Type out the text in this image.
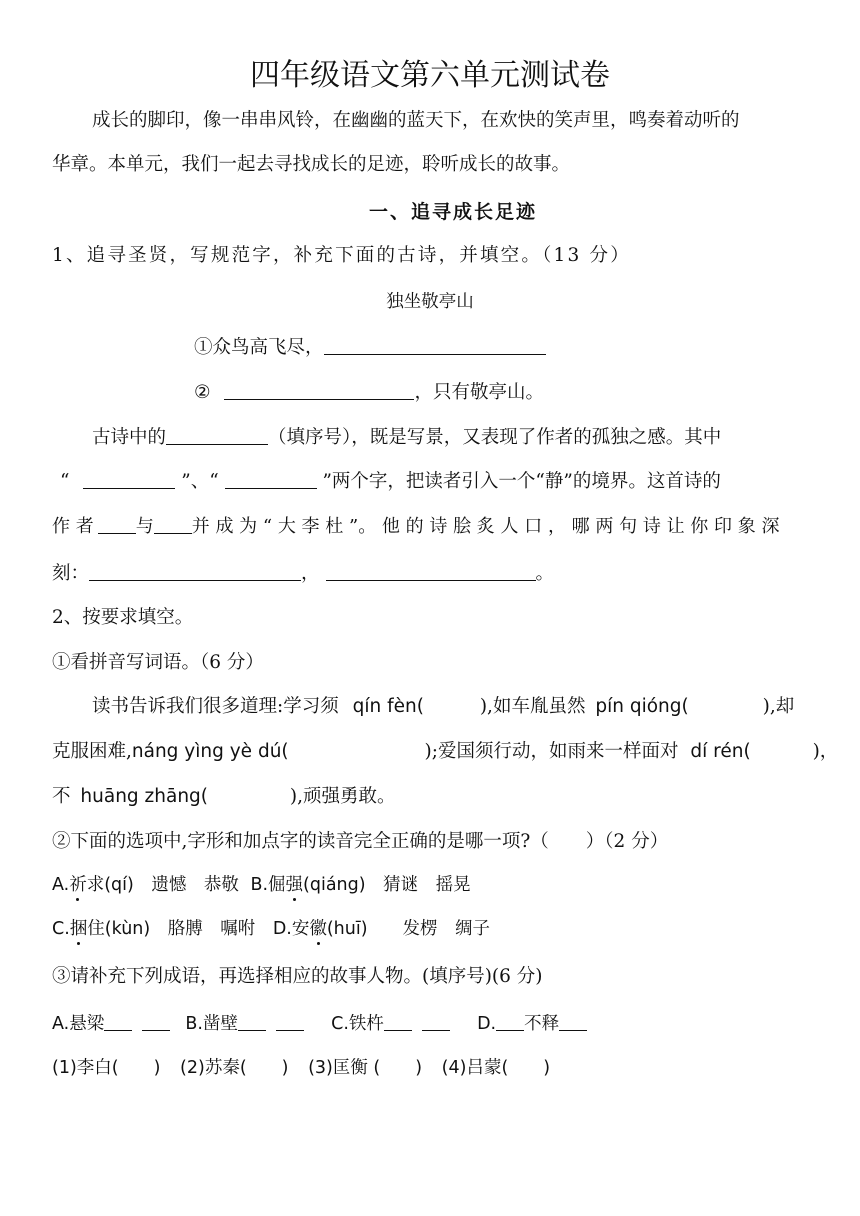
四年级语文第六单元测试卷
成长的脚印，像一串串风铃，在幽幽的蓝天下，在欢快的笑声里，鸣奏着动听的
华章。本单元，我们一起去寻找成长的足迹，聆听成长的故事。
一、追寻成长足迹
1、追寻圣贤，写规范字，补充下面的古诗，并填空。（13 分）
独坐敬亭山
①众鸟高飞尽，
②	，只有敬亭山。
古诗中的	（填序号），既是写景，又表现了作者的孤独之感。其中
“	”、“	”两个字，把读者引入一个“静”的境界。这首诗的
作 者 与 并 成 为 “ 大 李 杜 ”。 他 的 诗 脍 炙 人 口 ， 哪 两 句 诗 让 你 印 象 深
刻：	，	。
2、按要求填空。
①看拼音写词语。（6 分）
读书告诉我们很多道理:学习须 qín fèn(	),如车胤虽然 pín qióng(	),却
克服困难,náng yìng yè dú(	);爱国须行动，如雨来一样面对 dí rén(	)，
不 huāng zhāng(	),顽强勇敢。
②下面的选项中,字形和加点字的读音完全正确的是哪一项?（　　）（2 分）
A.祈求(qí)　遗憾　恭敬 B.倔强(qiáng)　猜谜　摇晃
C.捆住(kùn)　胳膊　嘱咐 D.安徽(huī)　　发楞　绸子
③请补充下列成语，再选择相应的故事人物。(填序号)(6 分)
A.悬梁	B.凿壁	C.铁杵	D. 不释
(1)李白(　　) (2)苏秦(　　) (3)匡衡 (　　) (4)吕蒙(　　)
